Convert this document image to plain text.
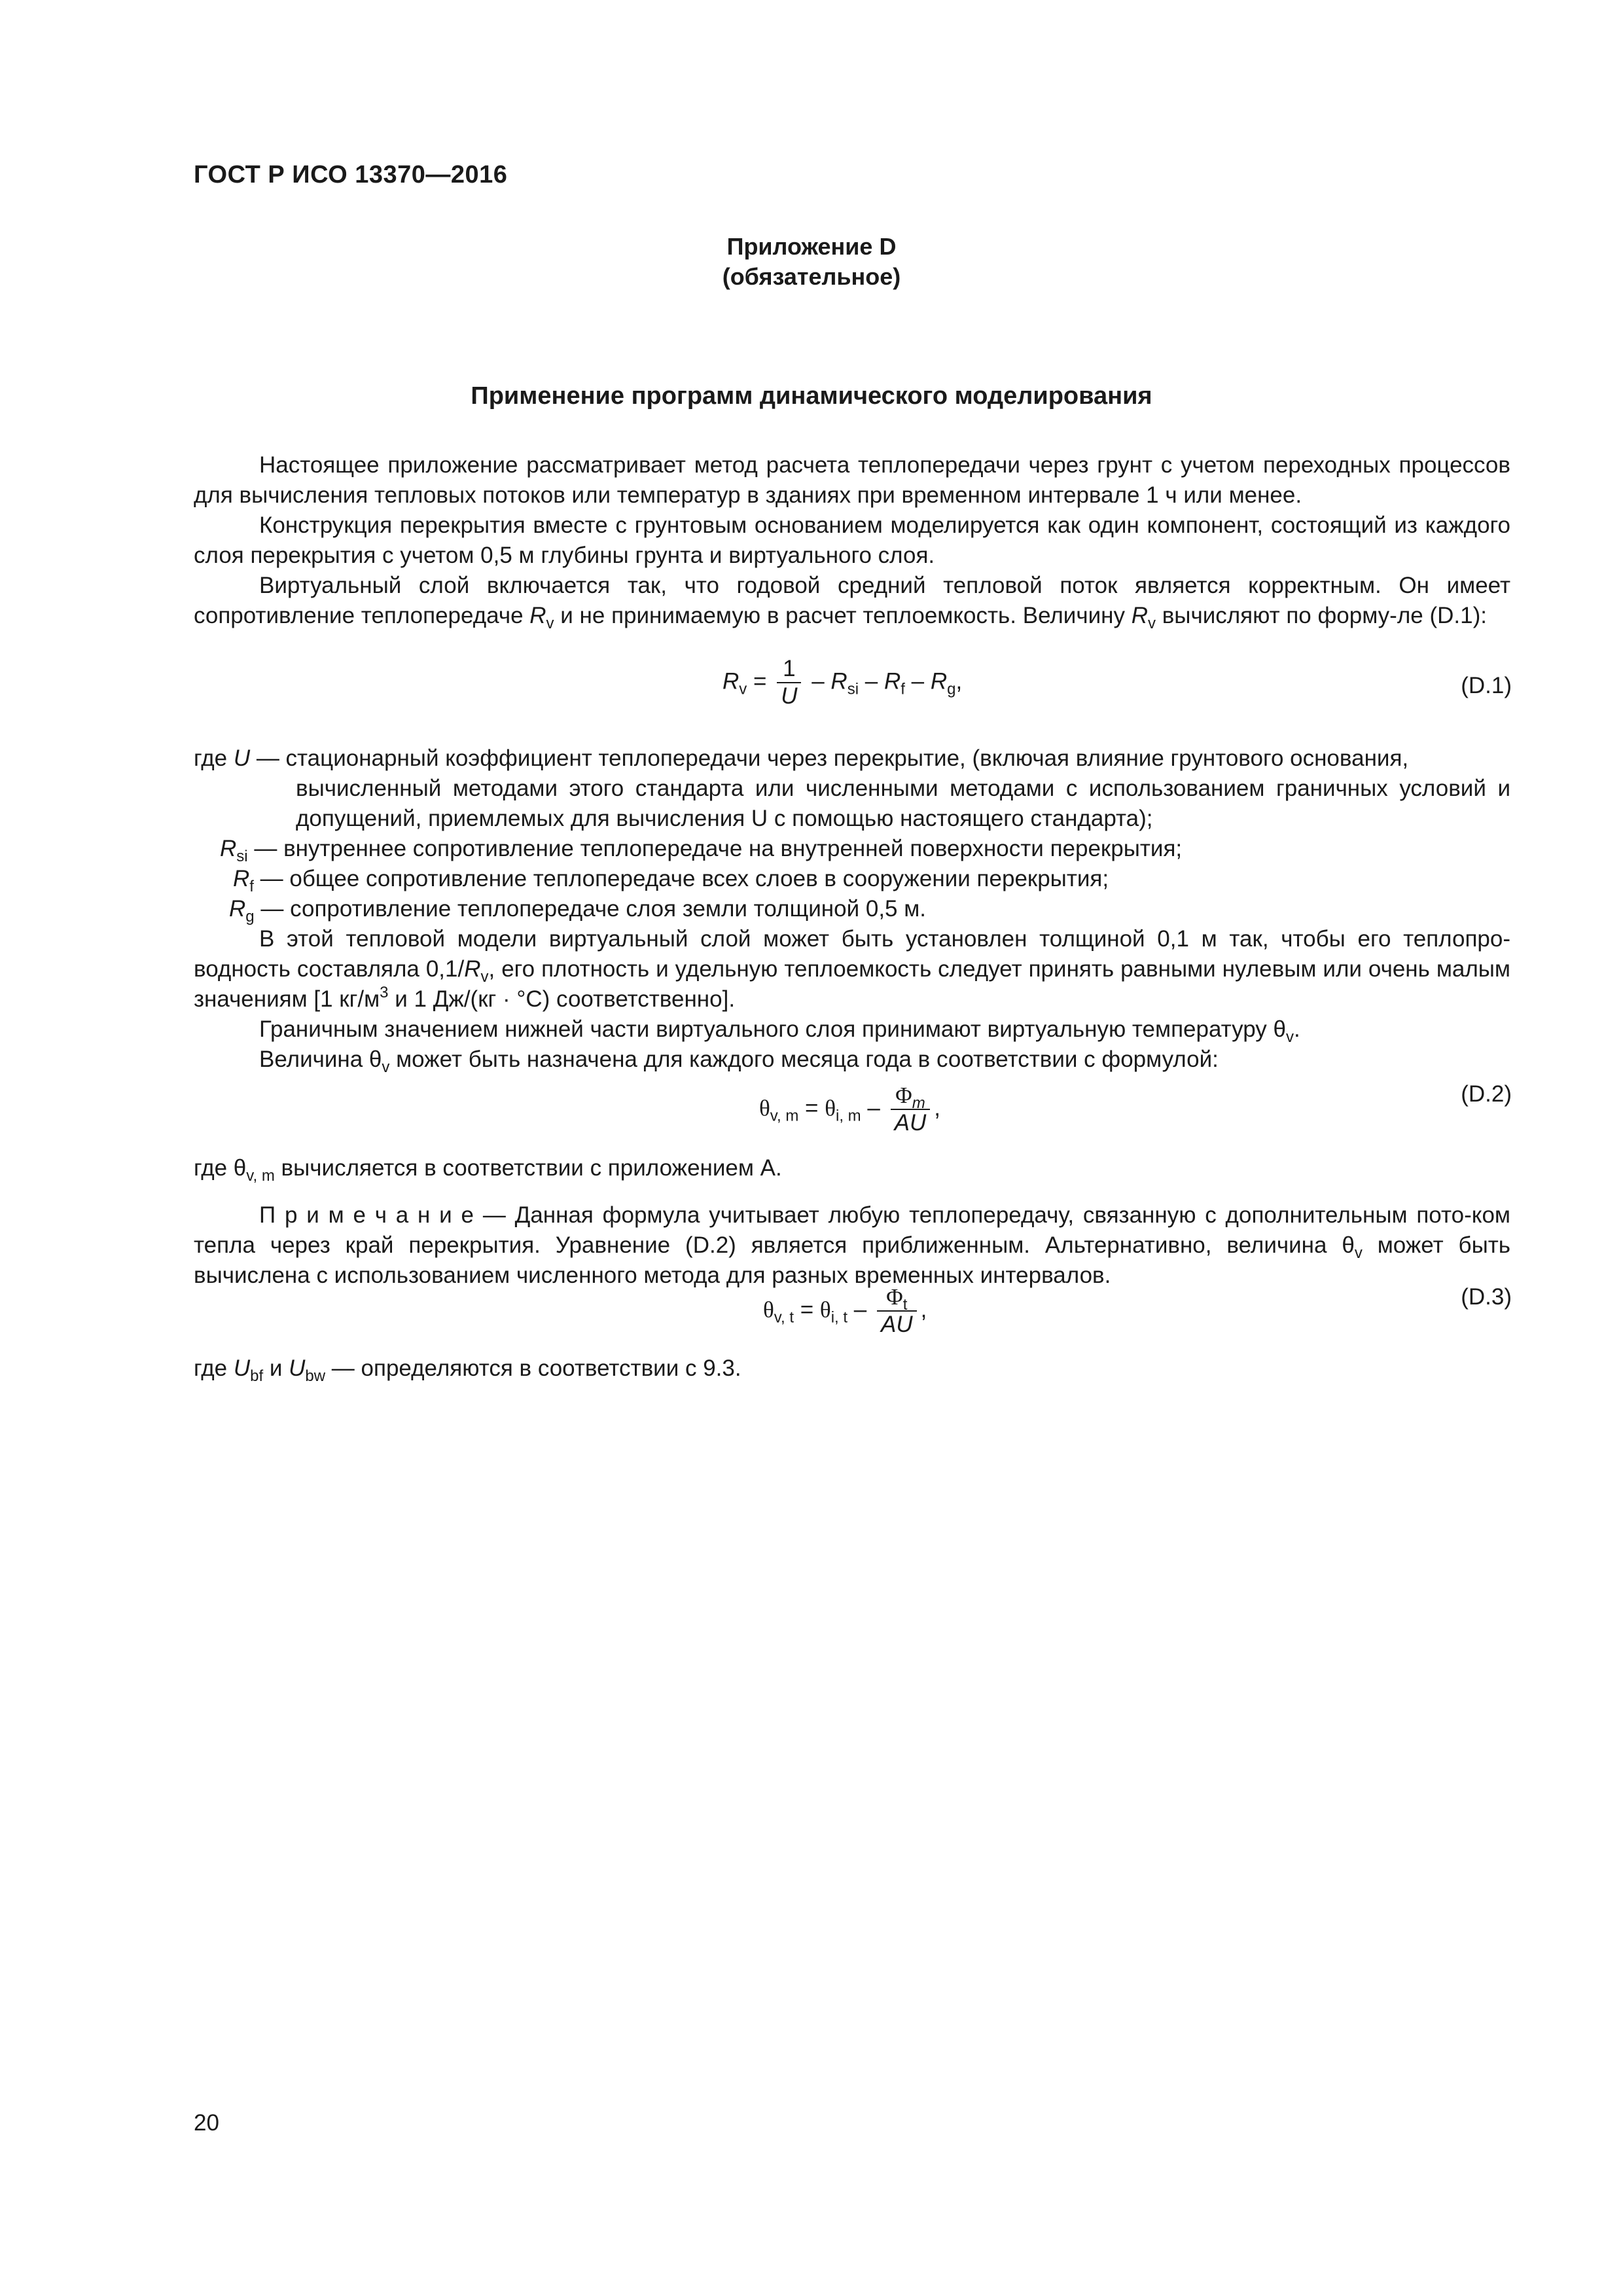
ГОСТ Р ИСО 13370—2016
Приложение D
(обязательное)
Применение программ динамического моделирования
Настоящее приложение рассматривает метод расчета теплопередачи через грунт с учетом переходных процессов для вычисления тепловых потоков или температур в зданиях при временном интервале 1 ч или менее.
Конструкция перекрытия вместе с грунтовым основанием моделируется как один компонент, состоящий из каждого слоя перекрытия с учетом 0,5 м глубины грунта и виртуального слоя.
Виртуальный слой включается так, что годовой средний тепловой поток является корректным. Он имеет сопротивление теплопередаче $R_v$ и не принимаемую в расчет теплоемкость. Величину $R_v$ вычисляют по форму-ле (D.1):
$R_v = \frac{1}{U} - R_{si} - R_f - R_g$,	(D.1)
где U — стационарный коэффициент теплопередачи через перекрытие, (включая влияние грунтового основания,
вычисленный методами этого стандарта или численными методами с использованием граничных условий и допущений, приемлемых для вычисления U с помощью настоящего стандарта);
$R_{si}$ — внутреннее сопротивление теплопередаче на внутренней поверхности перекрытия;
$R_f$ — общее сопротивление теплопередаче всех слоев в сооружении перекрытия;
$R_g$ — сопротивление теплопередаче слоя земли толщиной 0,5 м.
В этой тепловой модели виртуальный слой может быть установлен толщиной 0,1 м так, чтобы его теплопро-водность составляла $0,1/R_v$, его плотность и удельную теплоемкость следует принять равными нулевым или очень малым значениям [1 $кг/м^3$ и 1 Дж/(кг · °C) соответственно].
Граничным значением нижней части виртуального слоя принимают виртуальную температуру $\theta_v$.
Величина $\theta_v$ может быть назначена для каждого месяца года в соответствии с формулой:
$\theta_{v, m} = \theta_{i, m} - \frac{\Phi_m}{AU}$ ,
(D.2)
где $\theta_{v, m}$ вычисляется в соответствии с приложением А.
П р и м е ч а н и е — Данная формула учитывает любую теплопередачу, связанную с дополнительным пото-ком тепла через край перекрытия. Уравнение (D.2) является приближенным. Альтернативно, величина $\theta_v$ может быть вычислена с использованием численного метода для разных временных интервалов.
$\theta_{v, t} = \theta_{i, t} - \frac{\Phi_t}{AU}$ ,	(D.3)
где $U_{bf}$ и $U_{bw}$ — определяются в соответствии с 9.3.
20
